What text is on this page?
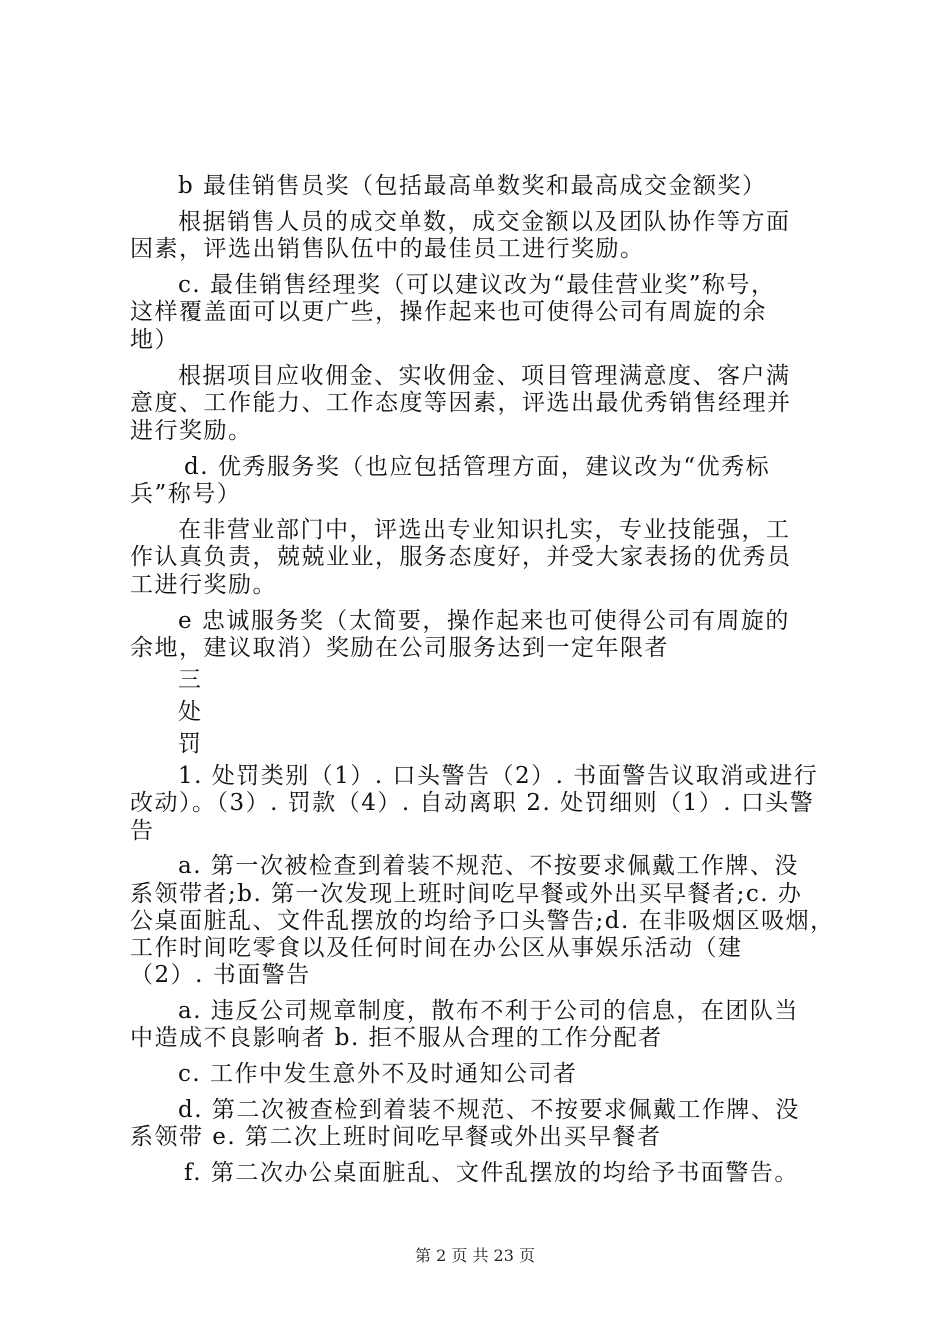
b 最佳销售员奖（包括最高单数奖和最高成交金额奖）
根据销售人员的成交单数，成交金额以及团队协作等方面
因素，评选出销售队伍中的最佳员工进行奖励。
c. 最佳销售经理奖（可以建议改为“最佳营业奖”称号，
这样覆盖面可以更广些，操作起来也可使得公司有周旋的余
地）
根据项目应收佣金、实收佣金、项目管理满意度、客户满
意度、工作能力、工作态度等因素，评选出最优秀销售经理并
进行奖励。
d. 优秀服务奖（也应包括管理方面，建议改为“优秀标
兵”称号）
在非营业部门中，评选出专业知识扎实，专业技能强，工
作认真负责，兢兢业业，服务态度好，并受大家表扬的优秀员
工进行奖励。
e 忠诚服务奖（太简要，操作起来也可使得公司有周旋的
余地，建议取消）奖励在公司服务达到一定年限者
三
处
罚
1. 处罚类别（1）. 口头警告（2）. 书面警告议取消或进行
改动）。（3）. 罚款（4）. 自动离职 2. 处罚细则（1）. 口头警
告
a. 第一次被检查到着装不规范、不按要求佩戴工作牌、没
系领带者;b. 第一次发现上班时间吃早餐或外出买早餐者;c. 办
公桌面脏乱、文件乱摆放的均给予口头警告;d. 在非吸烟区吸烟，
工作时间吃零食以及任何时间在办公区从事娱乐活动（建
（2）. 书面警告
a. 违反公司规章制度，散布不利于公司的信息，在团队当
中造成不良影响者 b. 拒不服从合理的工作分配者
c. 工作中发生意外不及时通知公司者
d. 第二次被查检到着装不规范、不按要求佩戴工作牌、没
系领带 e. 第二次上班时间吃早餐或外出买早餐者
f. 第二次办公桌面脏乱、文件乱摆放的均给予书面警告。
第 2 页 共 23 页
